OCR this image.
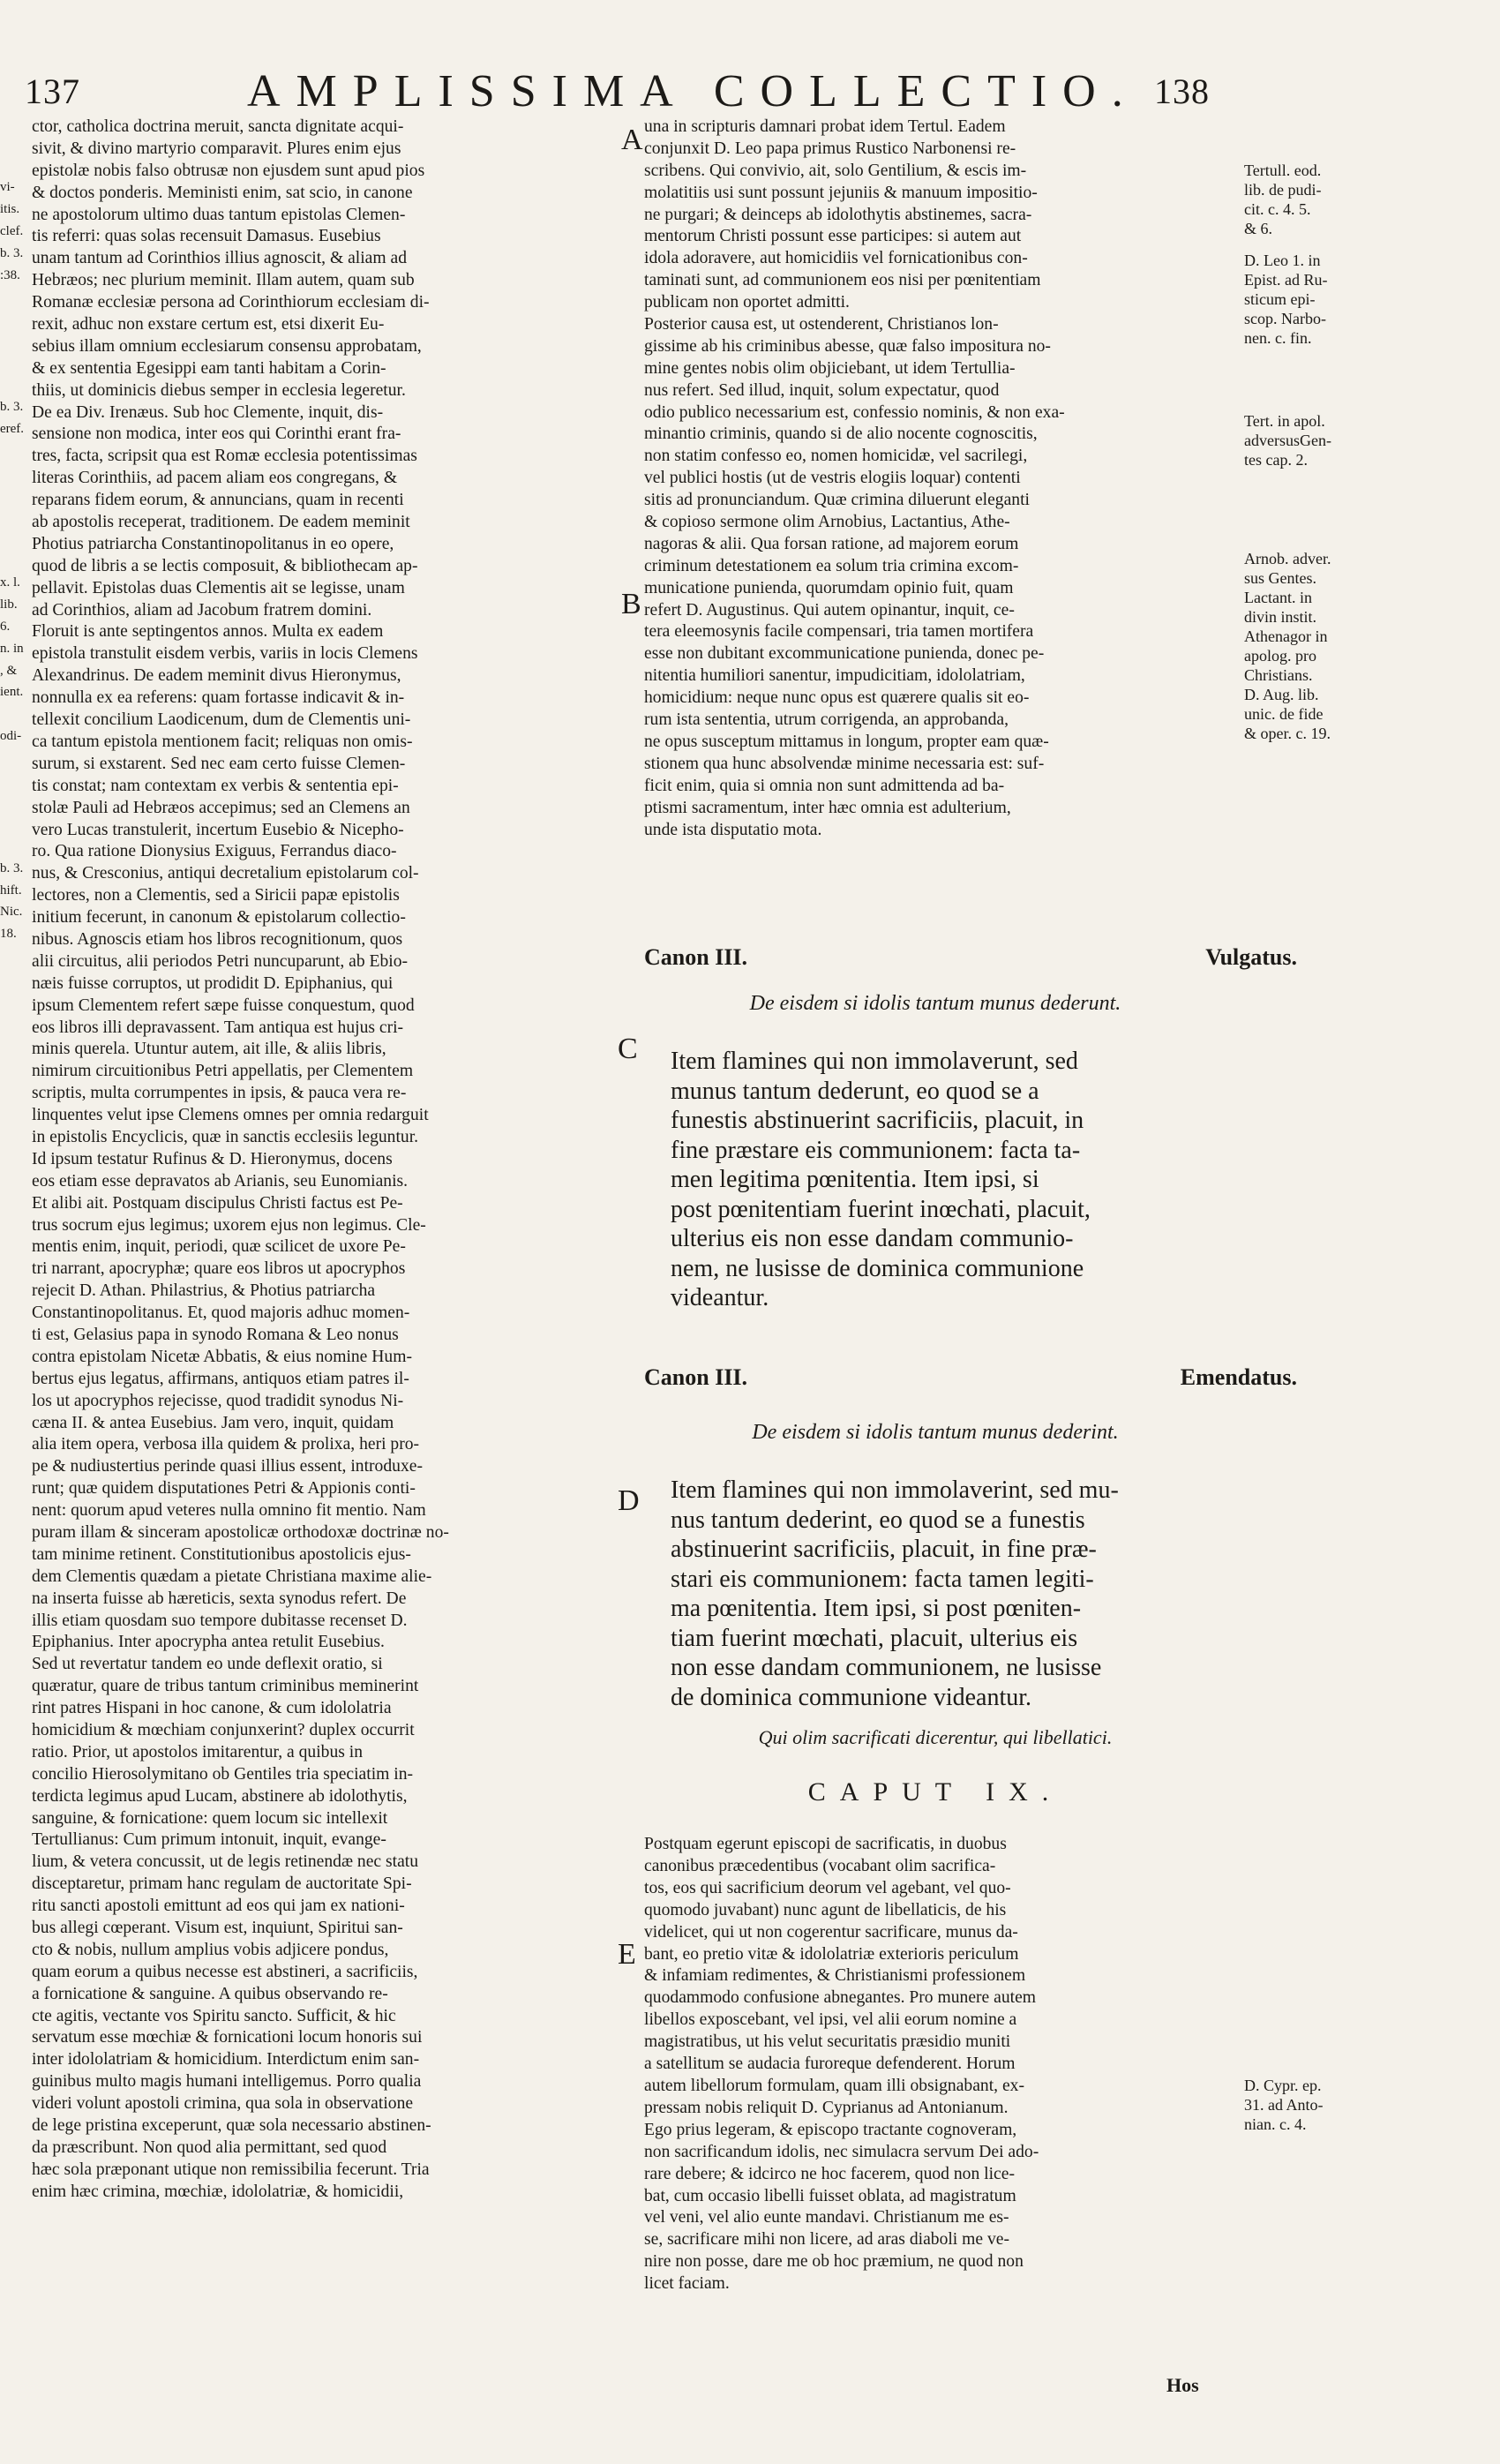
137	AMPLISSIMA COLLECTIO. 138
vi-
itis.
clef.
b. 3.
:38.
b. 3.
eref.
x. l.
lib.
6.
n. in
, &
ient.
odi-
b. 3.
hift.
Nic.
18.
ctor, catholica doctrina meruit, sancta dignitate acqui-
sivit, & divino martyrio comparavit. Plures enim ejus
epistolæ nobis falso obtrusæ non ejusdem sunt apud pios
& doctos ponderis. Meministi enim, sat scio, in canone
ne apostolorum ultimo duas tantum epistolas Clemen-
tis referri: quas solas recensuit Damasus. Eusebius
unam tantum ad Corinthios illius agnoscit, & aliam ad
Hebræos; nec plurium meminit. Illam autem, quam sub
Romanæ ecclesiæ persona ad Corinthiorum ecclesiam di-
rexit, adhuc non exstare certum est, etsi dixerit Eu-
sebius illam omnium ecclesiarum consensu approbatam,
& ex sententia Egesippi eam tanti habitam a Corin-
thiis, ut dominicis diebus semper in ecclesia legeretur.
De ea Div. Irenæus. Sub hoc Clemente, inquit, dis-
sensione non modica, inter eos qui Corinthi erant fra-
tres, facta, scripsit qua est Romæ ecclesia potentissimas
literas Corinthiis, ad pacem aliam eos congregans, &
reparans fidem eorum, & annuncians, quam in recenti
ab apostolis receperat, traditionem. De eadem meminit
Photius patriarcha Constantinopolitanus in eo opere,
quod de libris a se lectis composuit, & bibliothecam ap-
pellavit. Epistolas duas Clementis ait se legisse, unam
ad Corinthios, aliam ad Jacobum fratrem domini.
Floruit is ante septingentos annos. Multa ex eadem
epistola transtulit eisdem verbis, variis in locis Clemens
Alexandrinus. De eadem meminit divus Hieronymus,
nonnulla ex ea referens: quam fortasse indicavit & in-
tellexit concilium Laodicenum, dum de Clementis uni-
ca tantum epistola mentionem facit; reliquas non omis-
surum, si exstarent. Sed nec eam certo fuisse Clemen-
tis constat; nam contextam ex verbis & sententia epi-
stolæ Pauli ad Hebræos accepimus; sed an Clemens an
vero Lucas transtulerit, incertum Eusebio & Nicepho-
ro. Qua ratione Dionysius Exiguus, Ferrandus diaco-
nus, & Cresconius, antiqui decretalium epistolarum col-
lectores, non a Clementis, sed a Siricii papæ epistolis
initium fecerunt, in canonum & epistolarum collectio-
nibus. Agnoscis etiam hos libros recognitionum, quos
alii circuitus, alii periodos Petri nuncuparunt, ab Ebio-
næis fuisse corruptos, ut prodidit D. Epiphanius, qui
ipsum Clementem refert sæpe fuisse conquestum, quod
eos libros illi depravassent. Tam antiqua est hujus cri-
minis querela. Utuntur autem, ait ille, & aliis libris,
nimirum circuitionibus Petri appellatis, per Clementem
scriptis, multa corrumpentes in ipsis, & pauca vera re-
linquentes velut ipse Clemens omnes per omnia redarguit
in epistolis Encyclicis, quæ in sanctis ecclesiis leguntur.
Id ipsum testatur Rufinus & D. Hieronymus, docens
eos etiam esse depravatos ab Arianis, seu Eunomianis.
Et alibi ait. Postquam discipulus Christi factus est Pe-
trus socrum ejus legimus; uxorem ejus non legimus. Cle-
mentis enim, inquit, periodi, quæ scilicet de uxore Pe-
tri narrant, apocryphæ; quare eos libros ut apocryphos
rejecit D. Athan. Philastrius, & Photius patriarcha
Constantinopolitanus. Et, quod majoris adhuc momen-
ti est, Gelasius papa in synodo Romana & Leo nonus
contra epistolam Nicetæ Abbatis, & eius nomine Hum-
bertus ejus legatus, affirmans, antiquos etiam patres il-
los ut apocryphos rejecisse, quod tradidit synodus Ni-
cæna II. & antea Eusebius. Jam vero, inquit, quidam
alia item opera, verbosa illa quidem & prolixa, heri pro-
pe & nudiustertius perinde quasi illius essent, introduxe-
runt; quæ quidem disputationes Petri & Appionis conti-
nent: quorum apud veteres nulla omnino fit mentio. Nam
puram illam & sinceram apostolicæ orthodoxæ doctrinæ no-
tam minime retinent. Constitutionibus apostolicis ejus-
dem Clementis quædam a pietate Christiana maxime alie-
na inserta fuisse ab hæreticis, sexta synodus refert. De
illis etiam quosdam suo tempore dubitasse recenset D.
Epiphanius. Inter apocrypha antea retulit Eusebius.
Sed ut revertatur tandem eo unde deflexit oratio, si
quæratur, quare de tribus tantum criminibus meminerint
rint patres Hispani in hoc canone, & cum idololatria
homicidium & mœchiam conjunxerint? duplex occurrit
ratio. Prior, ut apostolos imitarentur, a quibus in
concilio Hierosolymitano ob Gentiles tria speciatim in-
terdicta legimus apud Lucam, abstinere ab idolothytis,
sanguine, & fornicatione: quem locum sic intellexit
Tertullianus: Cum primum intonuit, inquit, evange-
lium, & vetera concussit, ut de legis retinendæ nec statu
disceptaretur, primam hanc regulam de auctoritate Spi-
ritu sancti apostoli emittunt ad eos qui jam ex nationi-
bus allegi cœperant. Visum est, inquiunt, Spiritui san-
cto & nobis, nullum amplius vobis adjicere pondus,
quam eorum a quibus necesse est abstineri, a sacrificiis,
a fornicatione & sanguine. A quibus observando re-
cte agitis, vectante vos Spiritu sancto. Sufficit, & hic
servatum esse mœchiæ & fornicationi locum honoris sui
inter idololatriam & homicidium. Interdictum enim san-
guinibus multo magis humani intelligemus. Porro qualia
videri volunt apostoli crimina, qua sola in observatione
de lege pristina exceperunt, quæ sola necessario abstinen-
da præscribunt. Non quod alia permittant, sed quod
hæc sola præponant utique non remissibilia fecerunt. Tria
enim hæc crimina, mœchiæ, idololatriæ, & homicidii,
A
B
C
D
E
una in scripturis damnari probat idem Tertul. Eadem
conjunxit D. Leo papa primus Rustico Narbonensi re-
scribens. Qui convivio, ait, solo Gentilium, & escis im-
molatitiis usi sunt possunt jejuniis & manuum impositio-
ne purgari; & deinceps ab idolothytis abstinemes, sacra-
mentorum Christi possunt esse participes: si autem aut
idola adoravere, aut homicidiis vel fornicationibus con-
taminati sunt, ad communionem eos nisi per pœnitentiam
publicam non oportet admitti.
Posterior causa est, ut ostenderent, Christianos lon-
gissime ab his criminibus abesse, quæ falso impositura no-
mine gentes nobis olim objiciebant, ut idem Tertullia-
nus refert. Sed illud, inquit, solum expectatur, quod
odio publico necessarium est, confessio nominis, & non exa-
minantio criminis, quando si de alio nocente cognoscitis,
non statim confesso eo, nomen homicidæ, vel sacrilegi,
vel publici hostis (ut de vestris elogiis loquar) contenti
sitis ad pronunciandum. Quæ crimina diluerunt eleganti
& copioso sermone olim Arnobius, Lactantius, Athe-
nagoras & alii. Qua forsan ratione, ad majorem eorum
criminum detestationem ea solum tria crimina excom-
municatione punienda, quorumdam opinio fuit, quam
refert D. Augustinus. Qui autem opinantur, inquit, ce-
tera eleemosynis facile compensari, tria tamen mortifera
esse non dubitant excommunicatione punienda, donec pe-
nitentia humiliori sanentur, impudicitiam, idololatriam,
homicidium: neque nunc opus est quærere qualis sit eo-
rum ista sententia, utrum corrigenda, an approbanda,
ne opus susceptum mittamus in longum, propter eam quæ-
stionem qua hunc absolvendæ minime necessaria est: suf-
ficit enim, quia si omnia non sunt admittenda ad ba-
ptismi sacramentum, inter hæc omnia est adulterium,
unde ista disputatio mota.
Tertull. eod.
lib. de pudi-
cit. c. 4. 5.
& 6.
D. Leo 1. in
Epist. ad Ru-
sticum epi-
scop. Narbo-
nen. c. fin.
Tert. in apol.
adversusGen-
tes cap. 2.
Arnob. adver.
sus Gentes.
Lactant. in
divin instit.
Athenagor in
apolog. pro
Christians.
D. Aug. lib.
unic. de fide
& oper. c. 19.
D. Cypr. ep.
31. ad Anto-
nian. c. 4.
Canon III.	Vulgatus.
De eisdem si idolis tantum munus dederunt.
Item flamines qui non immolaverunt, sed
munus tantum dederunt, eo quod se a
funestis abstinuerint sacrificiis, placuit, in
fine præstare eis communionem: facta ta-
men legitima pœnitentia. Item ipsi, si
post pœnitentiam fuerint inœchati, placuit,
ulterius eis non esse dandam communio-
nem, ne lusisse de dominica communione
videantur.
Canon III.	Emendatus.
De eisdem si idolis tantum munus dederint.
Item flamines qui non immolaverint, sed mu-
nus tantum dederint, eo quod se a funestis
abstinuerint sacrificiis, placuit, in fine præ-
stari eis communionem: facta tamen legiti-
ma pœnitentia. Item ipsi, si post pœniten-
tiam fuerint mœchati, placuit, ulterius eis
non esse dandam communionem, ne lusisse
de dominica communione videantur.
Qui olim sacrificati dicerentur, qui libellatici.
CAPUT IX.
Postquam egerunt episcopi de sacrificatis, in duobus
canonibus præcedentibus (vocabant olim sacrifica-
tos, eos qui sacrificium deorum vel agebant, vel quo-
quomodo juvabant) nunc agunt de libellaticis, de his
videlicet, qui ut non cogerentur sacrificare, munus da-
bant, eo pretio vitæ & idololatriæ exterioris periculum
& infamiam redimentes, & Christianismi professionem
quodammodo confusione abnegantes. Pro munere autem
libellos exposcebant, vel ipsi, vel alii eorum nomine a
magistratibus, ut his velut securitatis præsidio muniti
a satellitum se audacia furoreque defenderent. Horum
autem libellorum formulam, quam illi obsignabant, ex-
pressam nobis reliquit D. Cyprianus ad Antonianum.
Ego prius legeram, & episcopo tractante cognoveram,
non sacrificandum idolis, nec simulacra servum Dei ado-
rare debere; & idcirco ne hoc facerem, quod non lice-
bat, cum occasio libelli fuisset oblata, ad magistratum
vel veni, vel alio eunte mandavi. Christianum me es-
se, sacrificare mihi non licere, ad aras diaboli me ve-
nire non posse, dare me ob hoc præmium, ne quod non
licet faciam.
Hos
